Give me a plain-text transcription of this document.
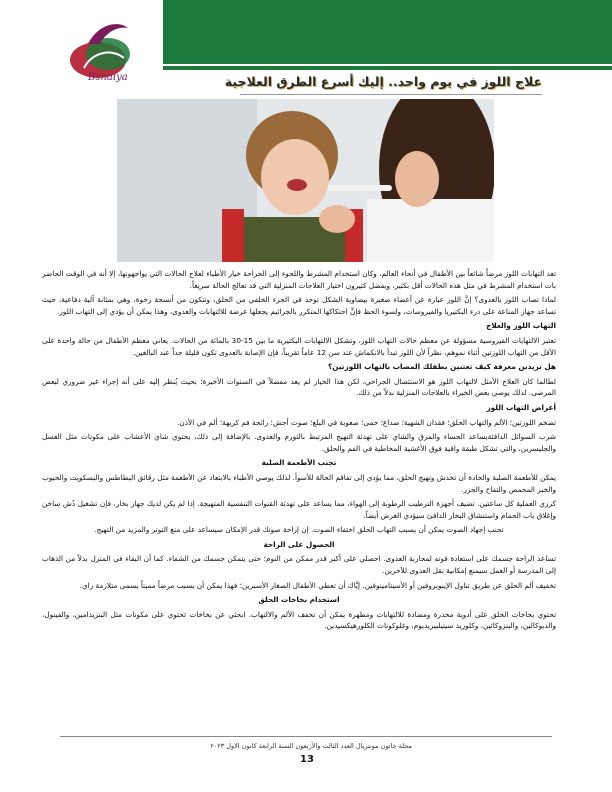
Bsnaiya	علاج اللوز في يوم واحد.. إليك أسرع الطرق العلاجية

تعد التهابات اللوز مرضاً شائعاً بين الأطفال في أنحاء العالم، وكان استخدام المشرط واللجوء إلى الجراحة خيار الأطباء لعلاج الحالات التي يواجهونها، إلا أنه في الوقت الحاضر بات استخدام المشرط في مثل هذه الحالات أقل بكثير، ويفضل كثيرون اختيار العلاجات المنزلية التي قد تعالج الحالة سريعاً.

لماذا تصاب اللوز بالعدوى؟ إنَّ اللوز عبارة عن أعضاء صغيرة بيضاوية الشكل توجد في الجزء الخلفي من الحلق، وتتكون من أنسجة رخوة، وهي بمثابة آلية دفاعية، حيث تساعد جهاز المناعة على درء البكتيريا والفيروسات، ولسوء الحظ فإنَّ احتكاكها المتكرر بالجراثيم يجعلها عرضة للالتهابات والعدوى، وهذا يمكن أن يؤدي إلى التهاب اللوز.

التهاب اللوز والعلاج

تعتبر الالتهابات الفيروسية مسؤولة عن معظم حالات التهاب اللوز، وتشكل الالتهابات البكتيرية ما بين 15-30 بالمائة من الحالات. يعاني معظم الأطفال من حالة واحدة على الأقل من التهاب اللوزتين أثناء نموهم، نظراً لأن اللوز تبدأ بالانكماش عند سن 12 عاماً تقريباً، فإن الإصابة بالعدوى تكون قليلة جداً عند البالغين.

هل تريدين معرفة كيف تعتنين بطفلك المصاب بالتهاب اللوزتين؟

لطالما كان العلاج الأمثل لالتهاب اللوز هو الاستئصال الجراحي، لكن هذا الخيار لم يعد مفضلاً في السنوات الأخيرة؛ بحيث يُنظر إليه على أنه إجراء غير ضروري لبعض المرضى. لذلك يوصي بعض الخبراء بالعلاجات المنزلية بدلاً من ذلك.

أعراض التهاب اللوز

تضخم اللوزتين؛ الألم والتهاب الحلق؛ فقدان الشهية؛ صداع؛ حمى؛ صعوبة في البلع؛ صوت أجش؛ رائحة فم كريهة؛ ألم في الأذن.

شرب السوائل الدافئةيساعد الحساء والمرق والشاي على تهدئة التهيج المرتبط بالتورم والعدوى. بالإضافة إلى ذلك، يحتوي شاي الأعشاب على مكونات مثل العسل والجليسرين، والتي تشكل طبقة واقية فوق الأغشية المخاطية في الفم والحلق.

تجنب الأطعمة الصلبة

يمكن للأطعمة الصلبة والحادة أن تخدش وتهيج الحلق، مما يؤدي إلى تفاقم الحالة للأسوأ. لذلك يوصي الأطباء بالابتعاد عن الأطعمة مثل رقائق البطاطس والبسكويت والحبوب والخبز المحمص والتفاح والجزر.

كرزي العملية كل ساعتين. تضيف أجهزة الترطيب الرطوبة إلى الهواء، مما يساعد على تهدئة القنوات التنفسية المتهيجة. إذا لم يكن لديك جهاز بخار، فإن تشغيل دُش ساخن وإغلاق باب الحمام واستنشاق البخار الدافئ سيؤدي الغرض أيضاً.

تجنب إجهاد الصوت يمكن أن يسبب التهاب الحلق اختفاء الصوت. إن إراحة صوتك قدر الإمكان سيساعد على منع التوتر والمزيد من التهيج.

الحصول على الراحة

تساعد الراحة جسمك على استعادة قوته لمحاربة العدوى. احصلي على أكبر قدر ممكن من النوم؛ حتى يتمكن جسمك من الشفاء. كما أن البقاء في المنزل بدلاً من الذهاب إلى المدرسة أو العمل سيمنع إمكانية نقل العدوى للآخرين.

تخفيف ألم الحلق عن طريق تناول الإيبوبروفين أو الأسيتامينوفين. إيَّاك أن تعطي الأطفال الصغار الأسبرين؛ فهذا يمكن أن يسبب مرضاً مميتاً يسمى متلازمة راي.

استخدام بخاخات الحلق

تحتوي بخاخات الحلق على أدوية مخدرة ومضادة للالتهابات ومطهرة يمكن أن تخفف الألم والالتهاب. ابحثي عن بخاخات تحتوي على مكونات مثل البنزيدامين، والفينول، والديوكالين، والبنزوكائين، وكلوريد سيتيلبيريديوم، وغلوكونات الكلورهيكسيدين.

مجلة خاتون مونتريال العدد الثالث والأربعون السنة الرابعة كانون الاول ٢٠٢٣
13
